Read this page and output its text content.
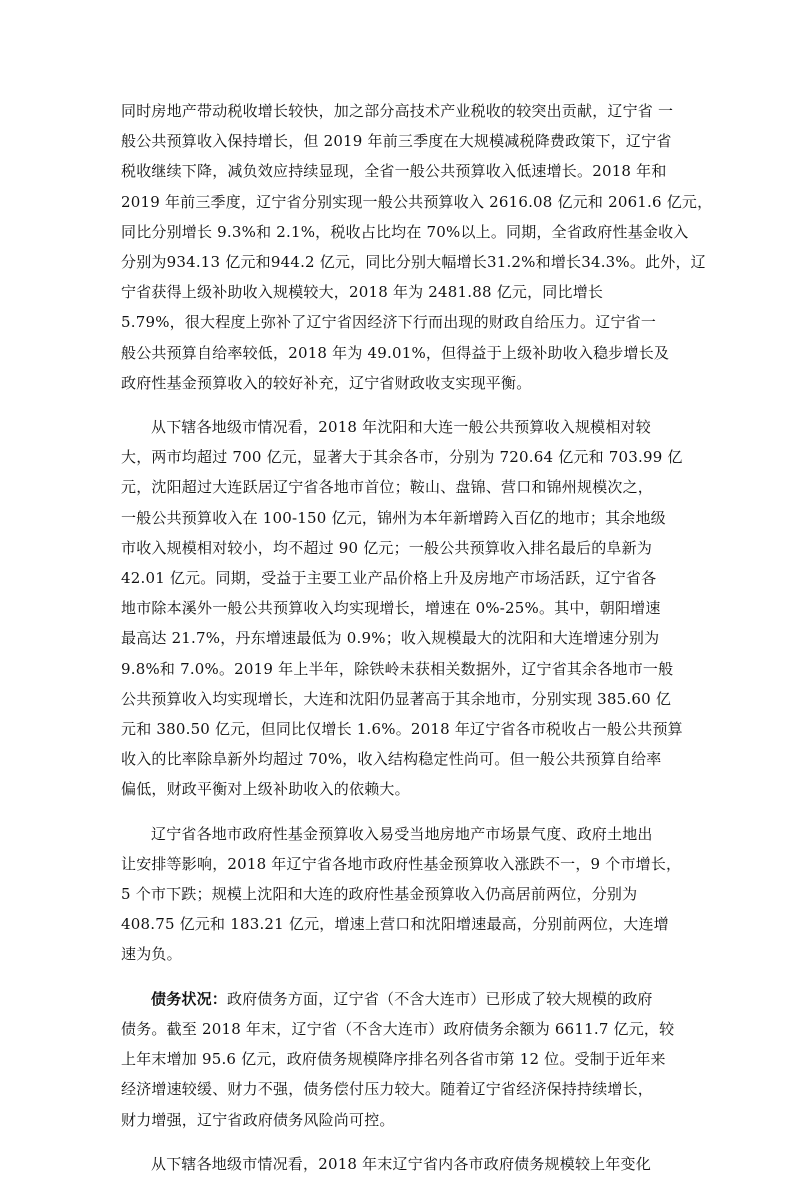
同时房地产带动税收增长较快，加之部分高技术产业税收的较突出贡献，辽宁省 一
般公共预算收入保持增长，但 2019 年前三季度在大规模减税降费政策下，辽宁省
税收继续下降，减负效应持续显现，全省一般公共预算收入低速增长。2018 年和
2019 年前三季度，辽宁省分别实现一般公共预算收入 2616.08 亿元和 2061.6 亿元，
同比分别增长 9.3%和 2.1%，税收占比均在 70%以上。同期，全省政府性基金收入
分别为934.13 亿元和944.2 亿元，同比分别大幅增长31.2%和增长34.3%。此外，辽
宁省获得上级补助收入规模较大，2018 年为 2481.88 亿元，同比增长
5.79%，很大程度上弥补了辽宁省因经济下行而出现的财政自给压力。辽宁省一
般公共预算自给率较低，2018 年为 49.01%，但得益于上级补助收入稳步增长及
政府性基金预算收入的较好补充，辽宁省财政收支实现平衡。
从下辖各地级市情况看，2018 年沈阳和大连一般公共预算收入规模相对较
大，两市均超过 700 亿元，显著大于其余各市，分别为 720.64 亿元和 703.99 亿
元，沈阳超过大连跃居辽宁省各地市首位；鞍山、盘锦、营口和锦州规模次之，
一般公共预算收入在 100-150 亿元，锦州为本年新增跨入百亿的地市；其余地级
市收入规模相对较小，均不超过 90 亿元；一般公共预算收入排名最后的阜新为
42.01 亿元。同期，受益于主要工业产品价格上升及房地产市场活跃，辽宁省各
地市除本溪外一般公共预算收入均实现增长，增速在 0%-25%。其中，朝阳增速
最高达 21.7%，丹东增速最低为 0.9%；收入规模最大的沈阳和大连增速分别为
9.8%和 7.0%。2019 年上半年，除铁岭未获相关数据外，辽宁省其余各地市一般
公共预算收入均实现增长，大连和沈阳仍显著高于其余地市，分别实现 385.60 亿
元和 380.50 亿元，但同比仅增长 1.6%。2018 年辽宁省各市税收占一般公共预算
收入的比率除阜新外均超过 70%，收入结构稳定性尚可。但一般公共预算自给率
偏低，财政平衡对上级补助收入的依赖大。
辽宁省各地市政府性基金预算收入易受当地房地产市场景气度、政府土地出
让安排等影响，2018 年辽宁省各地市政府性基金预算收入涨跌不一，9 个市增长，
5 个市下跌；规模上沈阳和大连的政府性基金预算收入仍高居前两位，分别为
408.75 亿元和 183.21 亿元，增速上营口和沈阳增速最高，分别前两位，大连增
速为负。
债务状况：政府债务方面，辽宁省（不含大连市）已形成了较大规模的政府
债务。截至 2018 年末，辽宁省（不含大连市）政府债务余额为 6611.7 亿元，较
上年末增加 95.6 亿元，政府债务规模降序排名列各省市第 12 位。受制于近年来
经济增速较缓、财力不强，债务偿付压力较大。随着辽宁省经济保持持续增长，
财力增强，辽宁省政府债务风险尚可控。
从下辖各地级市情况看，2018 年末辽宁省内各市政府债务规模较上年变化
